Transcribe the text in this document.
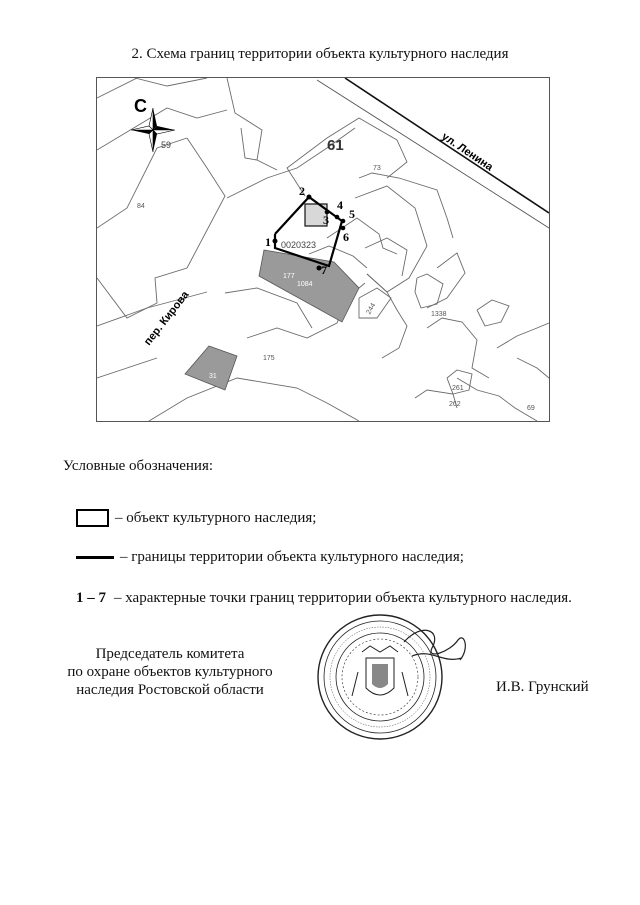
2. Схема границ территории объекта культурного наследия
1
2
3
4
5
6
7
0020323
61	ул. Ленина
пер. Кирова
84
73
177
1084
175
1338
244
261
262
69
31
С
59
Условные обозначения:
– объект культурного наследия;
– границы территории объекта культурного наследия;
1 – 7 – характерные точки границ территории объекта культурного наследия.
Председатель комитета
по охране объектов культурного
наследия Ростовской области	И.В. Грунский
